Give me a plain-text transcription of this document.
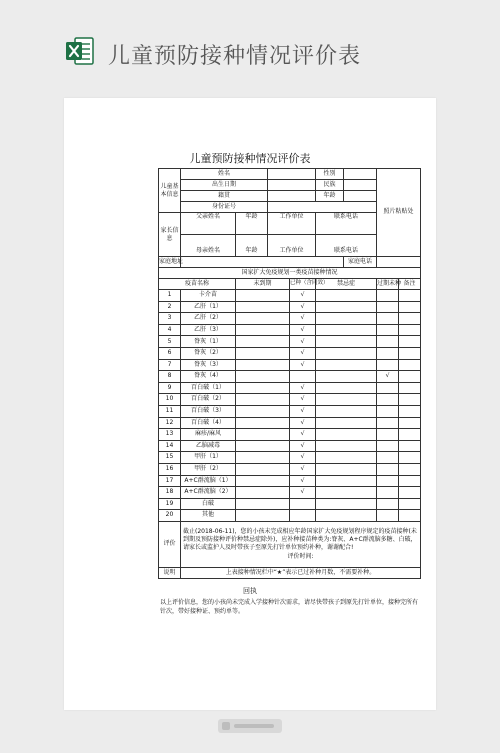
儿童预防接种情况评价表
儿童预防接种情况评价表
儿童基本信息	姓名				性别		照片粘贴处	
	出生日期				民族			
	籍贯				年龄			
	身份证号							
家长信息	父亲姓名	年龄	工作单位		联系电话			
	母亲姓名	年龄	工作单位		联系电话			
家庭地址						家庭电话		
国家扩大免疫规划一类疫苗接种情况								
疫苗名称		未到期		已种（含同效）	禁忌症		过期未种	备注
1	卡介苗			√				
2	乙肝（1）			√				
3	乙肝（2）			√				
4	乙肝（3）			√				
5	脊灰（1）			√				
6	脊灰（2）			√				
7	脊灰（3）			√				
8	脊灰（4）						√	
9	百白破（1）			√				
10	百白破（2）			√				
11	百白破（3）			√				
12	百白破（4）			√				
13	麻疹/麻风			√				
14	乙脑减毒			√				
15	甲肝（1）			√				
16	甲肝（2）			√				
17	A+C群流脑（1）			√				
18	A+C群流脑（2）			√				
19	白破							
20	其他							
评价	截止(2018-06-11)，您的小孩未完成相应年龄国家扩大免疫规划程序规定的疫苗接种(未到期及预防接种评价种禁忌症除外)，应补种接苗种类为:脊灰、A+C群流脑多糖、白破，请家长或监护人及时带孩子至原先打针单位预约补种，谢谢配合!
评价时间:							

说明	上表接种情况栏中“★”表示已过补种月数，不需要补种。							
回执
以上评价信息，您的小孩尚未完成入学接种针次需求，请尽快带孩子到原先打针单位，接种完所有针次，带好接种证、预约单等。
